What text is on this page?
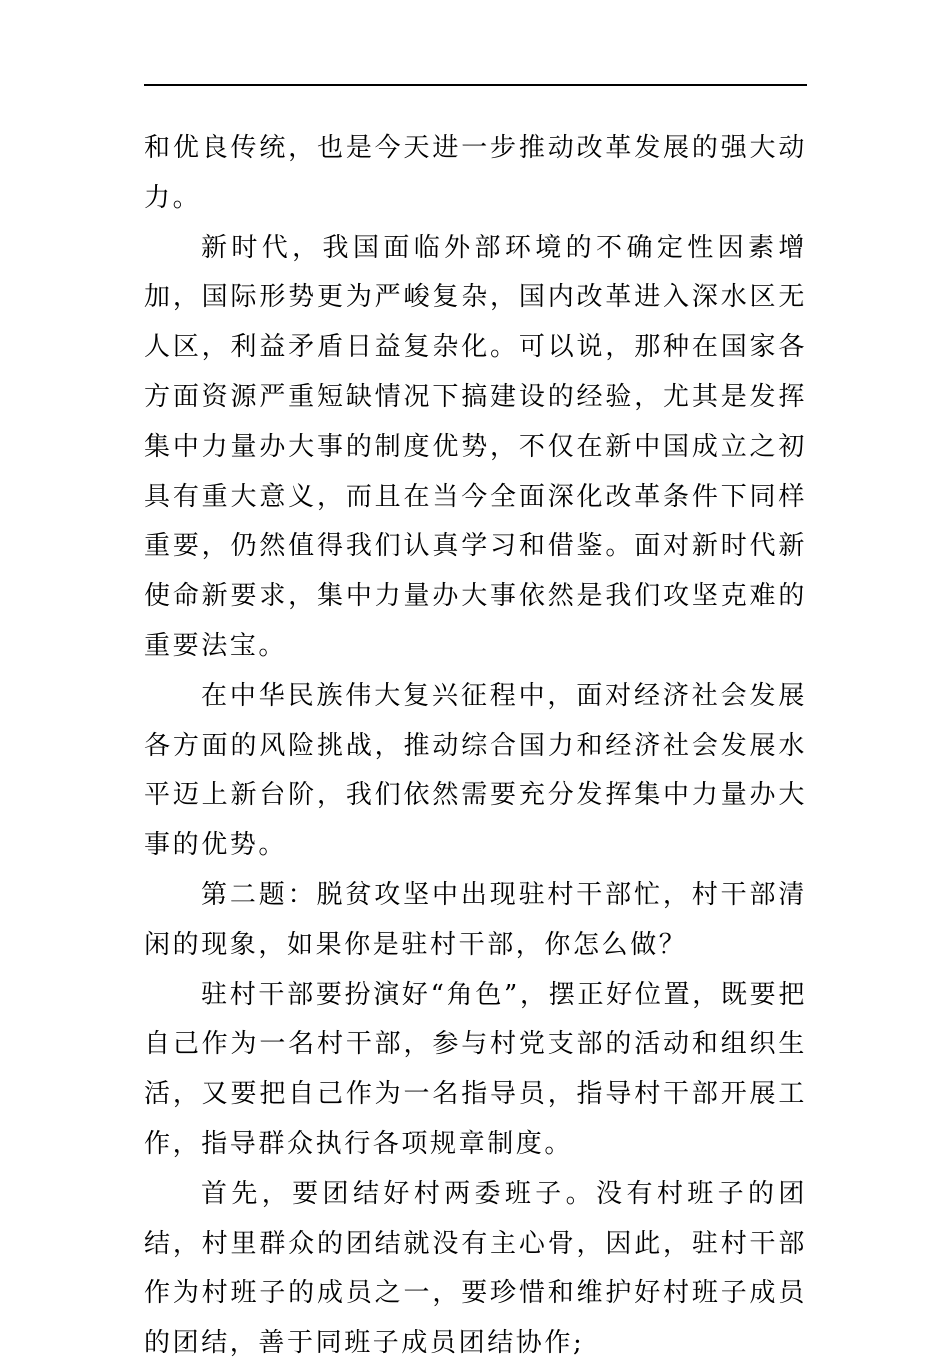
和优良传统，也是今天进一步推动改革发展的强大动力。

新时代，我国面临外部环境的不确定性因素增加，国际形势更为严峻复杂，国内改革进入深水区无人区，利益矛盾日益复杂化。可以说，那种在国家各方面资源严重短缺情况下搞建设的经验，尤其是发挥集中力量办大事的制度优势，不仅在新中国成立之初具有重大意义，而且在当今全面深化改革条件下同样重要，仍然值得我们认真学习和借鉴。面对新时代新使命新要求，集中力量办大事依然是我们攻坚克难的重要法宝。

在中华民族伟大复兴征程中，面对经济社会发展各方面的风险挑战，推动综合国力和经济社会发展水平迈上新台阶，我们依然需要充分发挥集中力量办大事的优势。

第二题：脱贫攻坚中出现驻村干部忙，村干部清闲的现象，如果你是驻村干部，你怎么做？

驻村干部要扮演好“角色”，摆正好位置，既要把自己作为一名村干部，参与村党支部的活动和组织生活，又要把自己作为一名指导员，指导村干部开展工作，指导群众执行各项规章制度。

首先，要团结好村两委班子。没有村班子的团结，村里群众的团结就没有主心骨，因此，驻村干部作为村班子的成员之一，要珍惜和维护好村班子成员的团结，善于同班子成员团结协作;
